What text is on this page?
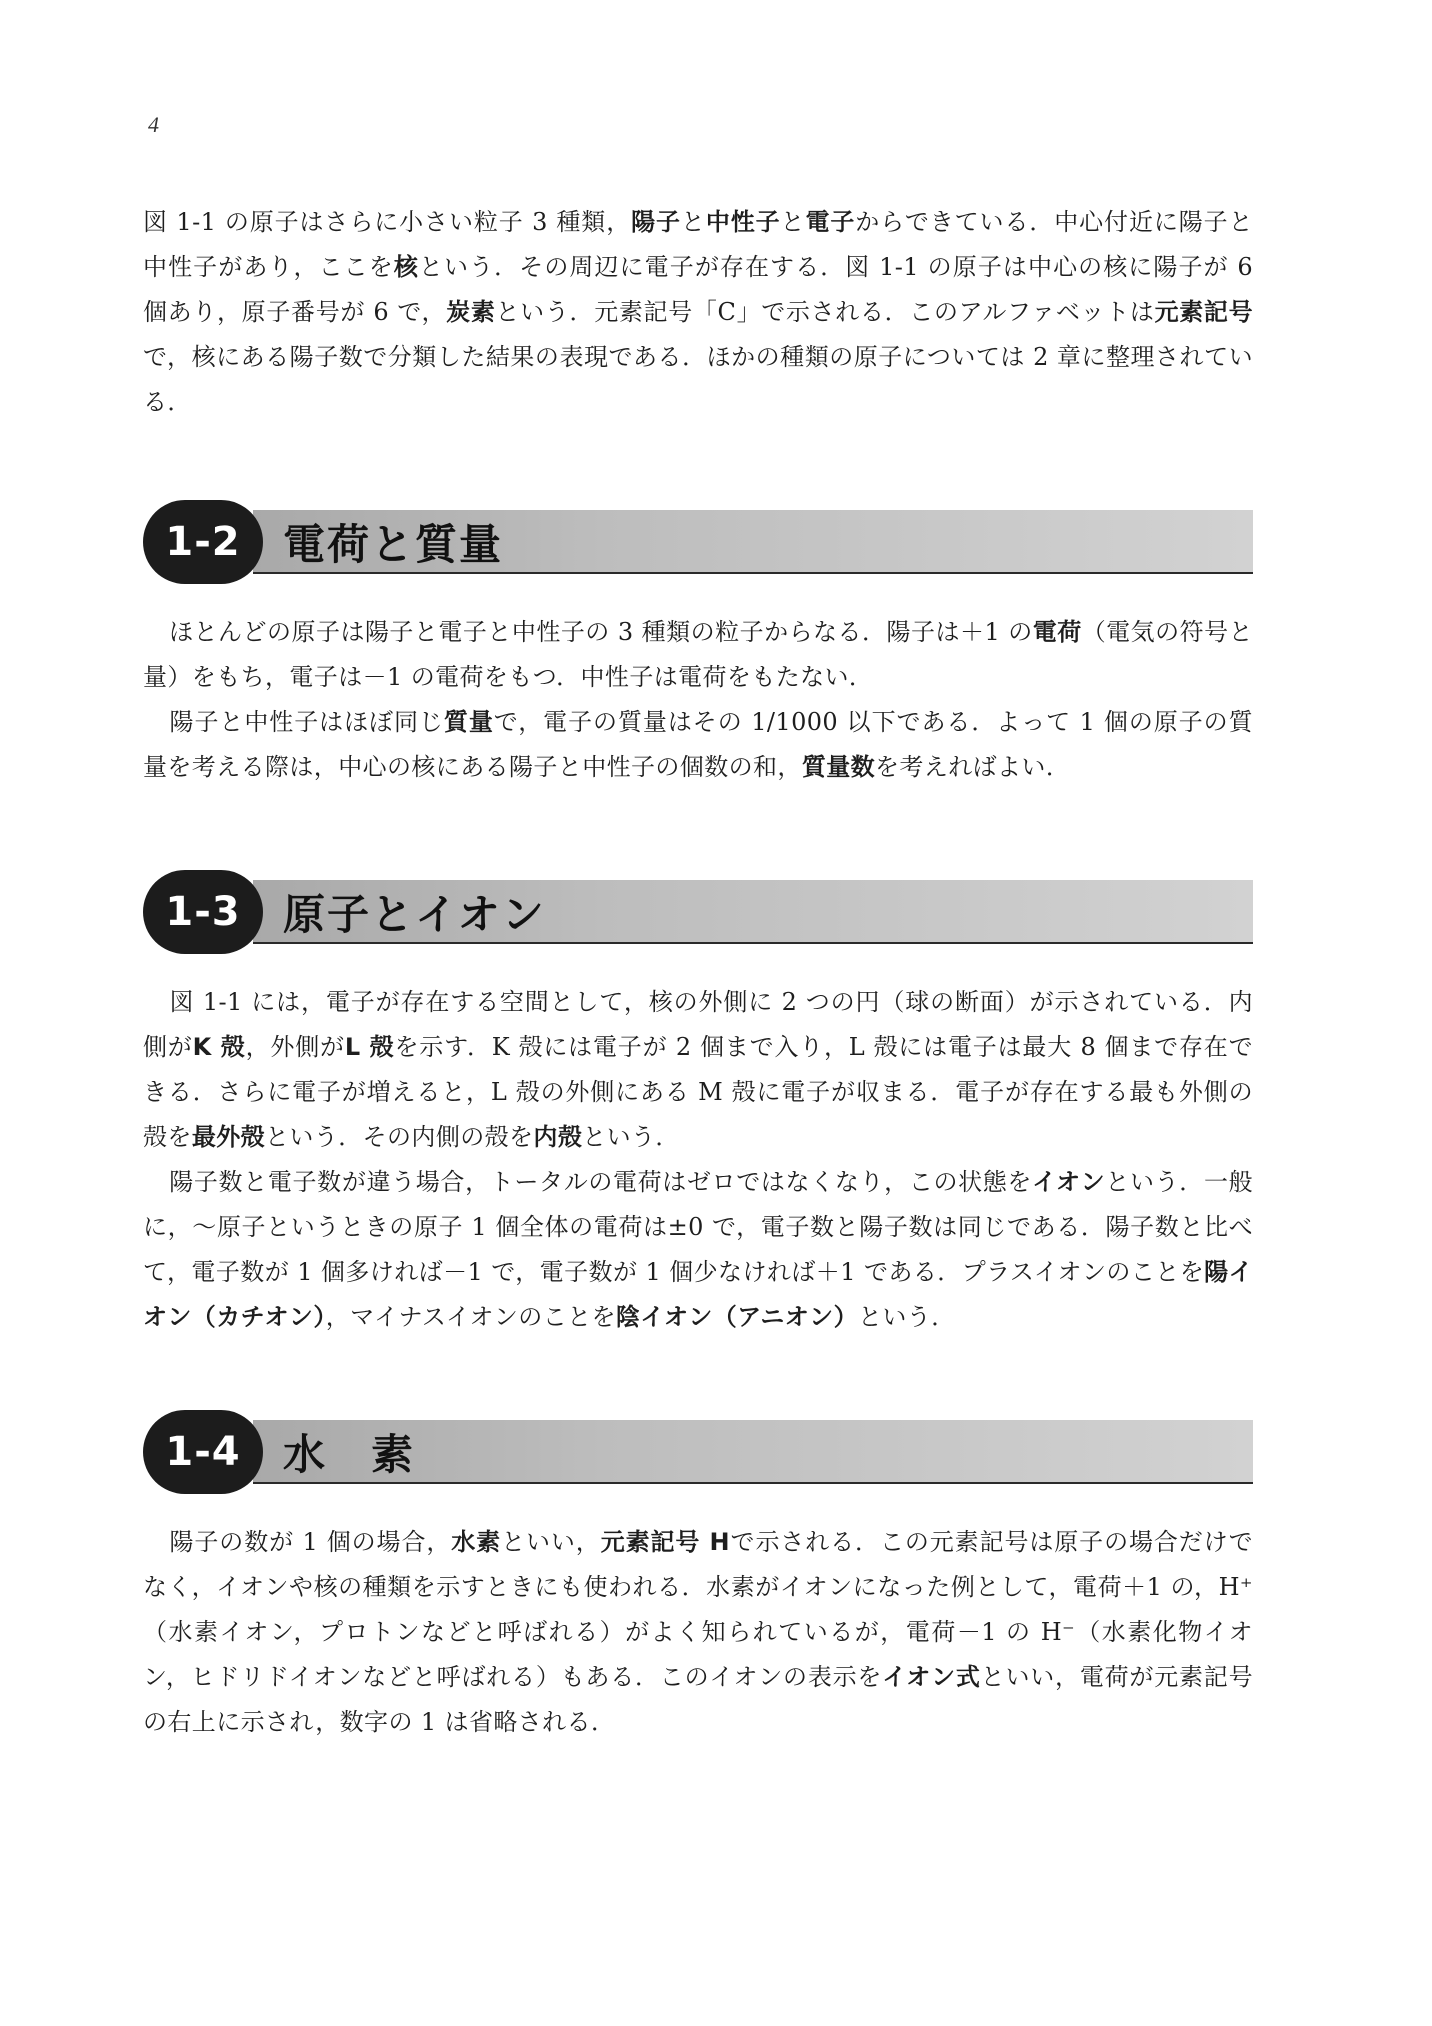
4

図 1-1 の原子はさらに小さい粒子 3 種類，陽子と中性子と電子からできている．中心付近に陽子と中性子があり，ここを核という．その周辺に電子が存在する．図 1-1 の原子は中心の核に陽子が 6 個あり，原子番号が 6 で，炭素という．元素記号「C」で示される．このアルファベットは元素記号で，核にある陽子数で分類した結果の表現である．ほかの種類の原子については 2 章に整理されている．

1-2	電荷と質量

ほとんどの原子は陽子と電子と中性子の 3 種類の粒子からなる．陽子は＋1 の電荷（電気の符号と量）をもち，電子は－1 の電荷をもつ．中性子は電荷をもたない．

陽子と中性子はほぼ同じ質量で，電子の質量はその 1/1000 以下である．よって 1 個の原子の質量を考える際は，中心の核にある陽子と中性子の個数の和，質量数を考えればよい．

1-3	原子とイオン

図 1-1 には，電子が存在する空間として，核の外側に 2 つの円（球の断面）が示されている．内側がK 殻，外側がL 殻を示す．K 殻には電子が 2 個まで入り，L 殻には電子は最大 8 個まで存在できる．さらに電子が増えると，L 殻の外側にある M 殻に電子が収まる．電子が存在する最も外側の殻を最外殻という．その内側の殻を内殻という．

陽子数と電子数が違う場合，トータルの電荷はゼロではなくなり，この状態をイオンという．一般に，～原子というときの原子 1 個全体の電荷は±0 で，電子数と陽子数は同じである．陽子数と比べて，電子数が 1 個多ければ－1 で，電子数が 1 個少なければ＋1 である．プラスイオンのことを陽イオン（カチオン），マイナスイオンのことを陰イオン（アニオン）という．

1-4	水　素

陽子の数が 1 個の場合，水素といい，元素記号 Hで示される．この元素記号は原子の場合だけでなく，イオンや核の種類を示すときにも使われる．水素がイオンになった例として，電荷＋1 の，H⁺（水素イオン，プロトンなどと呼ばれる）がよく知られているが，電荷－1 の H⁻（水素化物イオン，ヒドリドイオンなどと呼ばれる）もある．このイオンの表示をイオン式といい，電荷が元素記号の右上に示され，数字の 1 は省略される．
